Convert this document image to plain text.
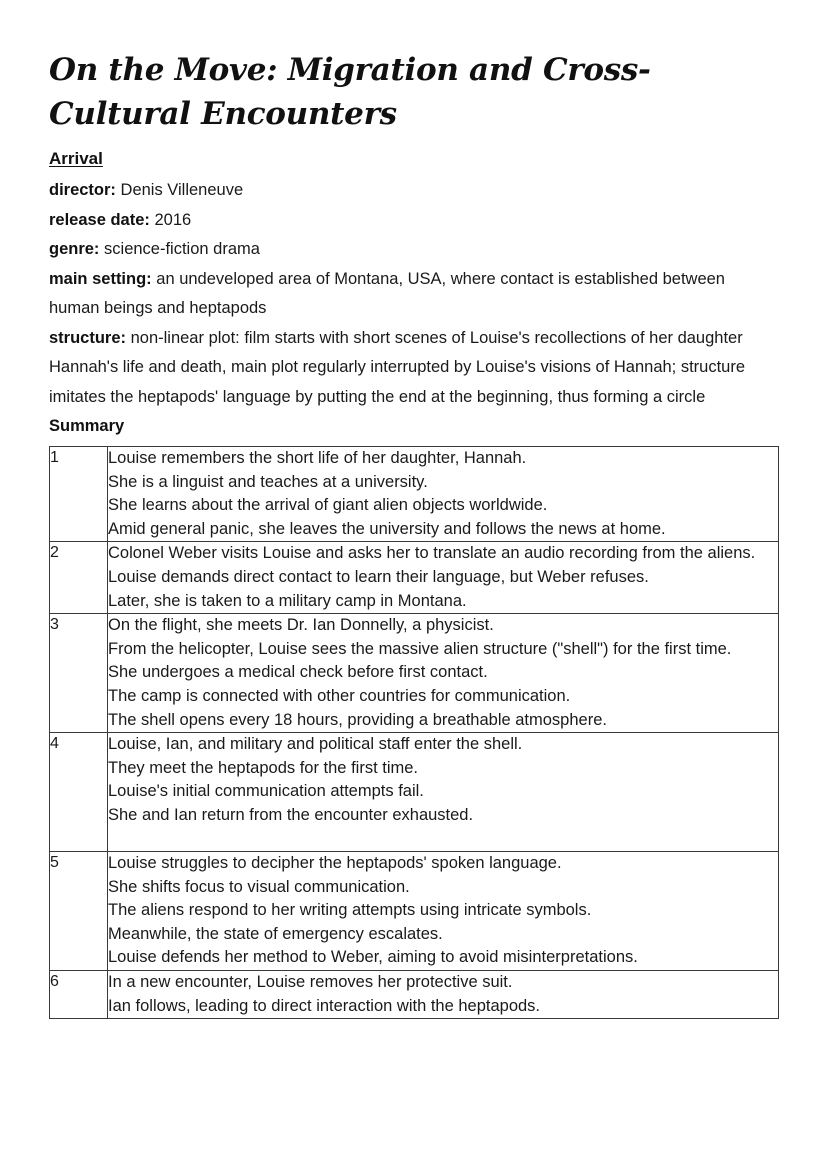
On the Move: Migration and Cross-Cultural Encounters
Arrival
director: Denis Villeneuve
release date: 2016
genre: science-fiction drama
main setting: an undeveloped area of Montana, USA, where contact is established between human beings and heptapods
structure: non-linear plot: film starts with short scenes of Louise's recollections of her daughter Hannah's life and death, main plot regularly interrupted by Louise's visions of Hannah; structure imitates the heptapods' language by putting the end at the beginning, thus forming a circle
Summary
1	Louise remembers the short life of her daughter, Hannah.
She is a linguist and teaches at a university.
She learns about the arrival of giant alien objects worldwide.
Amid general panic, she leaves the university and follows the news at home.

2	Colonel Weber visits Louise and asks her to translate an audio recording from the aliens.
Louise demands direct contact to learn their language, but Weber refuses.
Later, she is taken to a military camp in Montana.

3	On the flight, she meets Dr. Ian Donnelly, a physicist.
From the helicopter, Louise sees the massive alien structure ("shell") for the first time.
She undergoes a medical check before first contact.
The camp is connected with other countries for communication.
The shell opens every 18 hours, providing a breathable atmosphere.

4	Louise, Ian, and military and political staff enter the shell.
They meet the heptapods for the first time.
Louise's initial communication attempts fail.
She and Ian return from the encounter exhausted.

5	Louise struggles to decipher the heptapods' spoken language.
She shifts focus to visual communication.
The aliens respond to her writing attempts using intricate symbols.
Meanwhile, the state of emergency escalates.
Louise defends her method to Weber, aiming to avoid misinterpretations.

6	In a new encounter, Louise removes her protective suit.
Ian follows, leading to direct interaction with the heptapods.
